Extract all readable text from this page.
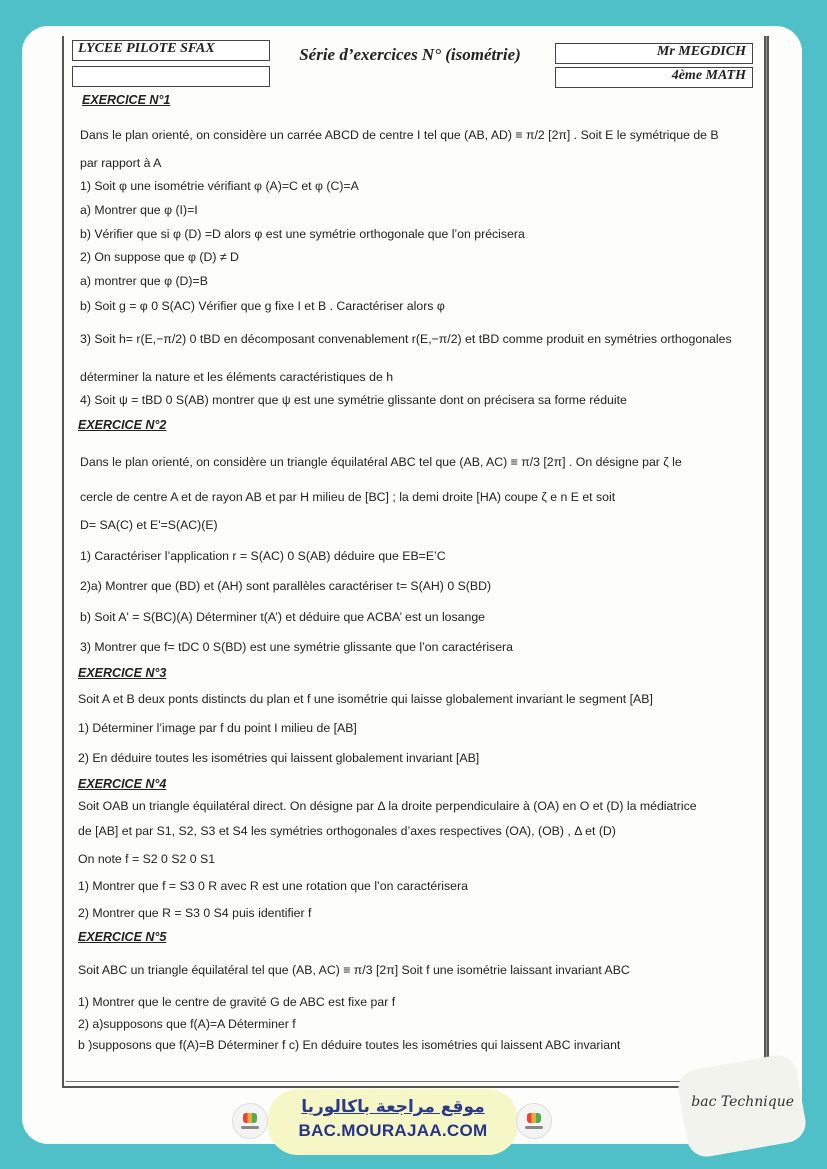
LYCEE PILOTE SFAX	Série d’exercices N° (isométrie)	Mr MEGDICH
4ème MATH
EXERCICE N°1
Dans le plan orienté, on considère un carrée ABCD de centre I tel que (AB, AD) ≡ π/2 [2π] . Soit E le symétrique de B
par rapport à A
1) Soit φ une isométrie vérifiant φ (A)=C et φ (C)=A
a) Montrer que φ (I)=I
b) Vérifier que si φ (D) =D alors φ est une symétrie orthogonale que l’on précisera
2) On suppose que φ (D) ≠ D
a) montrer que φ (D)=B
b) Soit g = φ 0 S(AC) Vérifier que g fixe I et B . Caractériser alors φ
3) Soit h= r(E,−π/2) 0 tBD en décomposant convenablement r(E,−π/2) et tBD comme produit en symétries orthogonales
déterminer la nature et les éléments caractéristiques de h
4) Soit ψ = tBD 0 S(AB) montrer que ψ est une symétrie glissante dont on précisera sa forme réduite
EXERCICE N°2
Dans le plan orienté, on considère un triangle équilatéral ABC tel que (AB, AC) ≡ π/3 [2π] . On désigne par ζ le
cercle de centre A et de rayon AB et par H milieu de [BC] ; la demi droite [HA) coupe ζ e n E et soit
D= SA(C) et E'=S(AC)(E)
1) Caractériser l’application r = S(AC) 0 S(AB) déduire que EB=E’C
2)a) Montrer que (BD) et (AH) sont parallèles caractériser t= S(AH) 0 S(BD)
b) Soit A' = S(BC)(A) Déterminer t(A’) et déduire que ACBA’ est un losange
3) Montrer que f= tDC 0 S(BD) est une symétrie glissante que l’on caractérisera
EXERCICE N°3
Soit A et B deux ponts distincts du plan et f une isométrie qui laisse globalement invariant le segment [AB]
1) Déterminer l’image par f du point I milieu de [AB]
2) En déduire toutes les isométries qui laissent globalement invariant [AB]
EXERCICE N°4
Soit OAB un triangle équilatéral direct. On désigne par Δ la droite perpendiculaire à (OA) en O et (D) la médiatrice
de [AB] et par S1, S2, S3 et S4 les symétries orthogonales d’axes respectives (OA), (OB) , Δ et (D)
On note f = S2 0 S2 0 S1
1) Montrer que f = S3 0 R avec R est une rotation que l’on caractérisera
2) Montrer que R = S3 0 S4 puis identifier f
EXERCICE N°5
Soit ABC un triangle équilatéral tel que (AB, AC) ≡ π/3 [2π] Soit f une isométrie laissant invariant ABC
1) Montrer que le centre de gravité G de ABC est fixe par f
2) a)supposons que f(A)=A Déterminer f
b )supposons que f(A)=B Déterminer f c) En déduire toutes les isométries qui laissent ABC invariant
موقع مراجعة باكالوريا
BAC.MOURAJAA.COM
bac Technique
